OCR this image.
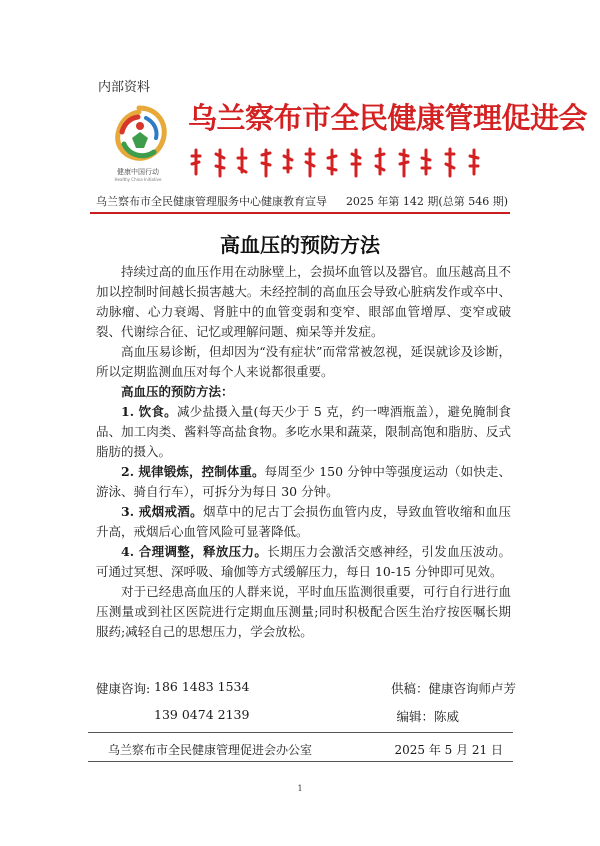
内部资料
健康中国行动
Healthy China Initiative
乌兰察布市全民健康管理促进会
乌兰察布市全民健康管理服务中心健康教育宣导 2025 年第 142 期(总第 546 期)
高血压的预防方法

持续过高的血压作用在动脉壁上，会损坏血管以及器官。血压越高且不加以控制时间越长损害越大。未经控制的高血压会导致心脏病发作或卒中、动脉瘤、心力衰竭、肾脏中的血管变弱和变窄、眼部血管增厚、变窄或破裂、代谢综合征、记忆或理解问题、痴呆等并发症。

高血压易诊断，但却因为“没有症状”而常常被忽视，延误就诊及诊断，所以定期监测血压对每个人来说都很重要。

高血压的预防方法：

1. 饮食。减少盐摄入量(每天少于 5 克，约一啤酒瓶盖），避免腌制食品、加工肉类、酱料等高盐食物。多吃水果和蔬菜，限制高饱和脂肪、反式脂肪的摄入。

2. 规律锻炼，控制体重。每周至少 150 分钟中等强度运动（如快走、游泳、骑自行车），可拆分为每日 30 分钟。

3. 戒烟戒酒。烟草中的尼古丁会损伤血管内皮，导致血管收缩和血压升高，戒烟后心血管风险可显著降低。

4. 合理调整，释放压力。长期压力会激活交感神经，引发血压波动。可通过冥想、深呼吸、瑜伽等方式缓解压力，每日 10-15 分钟即可见效。

对于已经患高血压的人群来说，平时血压监测很重要，可行自行进行血压测量或到社区医院进行定期血压测量;同时积极配合医生治疗按医嘱长期服药;减轻自己的思想压力，学会放松。

健康咨询: 186 1483 1534	供稿：健康咨询师卢芳
139 0474 2139	编辑：陈威
乌兰察布市全民健康管理促进会办公室	2025 年 5 月 21 日
1
